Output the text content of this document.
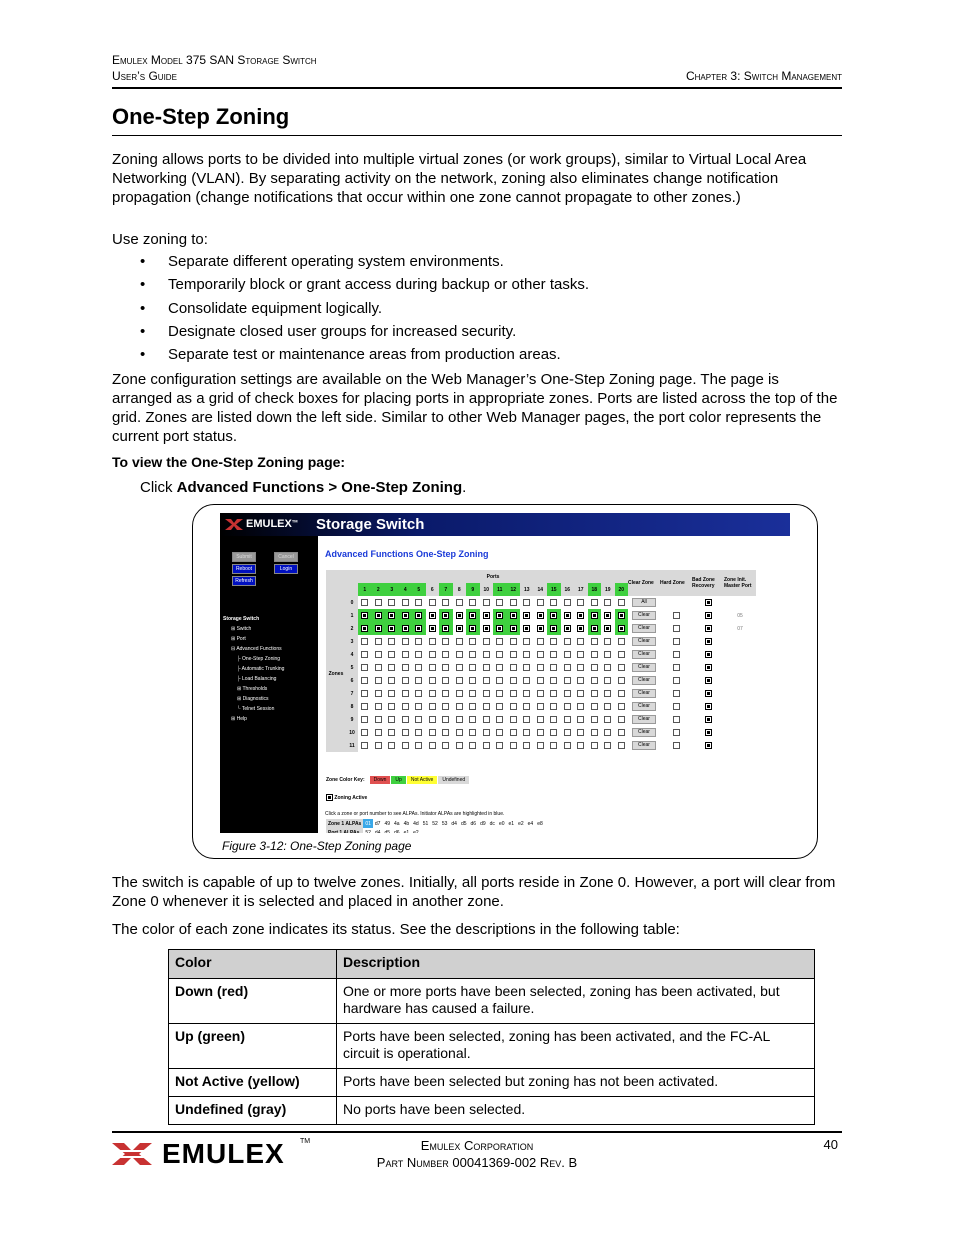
Emulex Model 375 SAN Storage Switch
User’s Guide	Chapter 3: Switch Management
One-Step Zoning

Zoning allows ports to be divided into multiple virtual zones (or work groups), similar to Virtual Local Area Networking (VLAN). By separating activity on the network, zoning also eliminates change notification propagation (change notifications that occur within one zone cannot propagate to other zones.)

Use zoning to:

• Separate different operating system environments.
• Temporarily block or grant access during backup or other tasks.
• Consolidate equipment logically.
• Designate closed user groups for increased security.
• Separate test or maintenance areas from production areas.

Zone configuration settings are available on the Web Manager’s One-Step Zoning page. The page is arranged as a grid of check boxes for placing ports in appropriate zones. Ports are listed across the top of the grid. Zones are listed down the left side. Similar to other Web Manager pages, the port color represents the current port status.

To view the One-Step Zoning page:
Click Advanced Functions > One-Step Zoning.
EMULEX™ Storage Switch
Submit	Cancel
Reboot	Login
Refresh
Storage Switch
⊞ Switch
⊞ Port
⊟ Advanced Functions
├ One-Step Zoning
├ Automatic Trunking
├ Load Balancing
⊞ Thresholds
⊞ Diagnostics
└ Telnet Session
⊞ Help
Advanced Functions One-Step Zoning
		Ports																				Clear Zone	Hard Zone	Bad Zone Recovery	Zone Init. Master Port
		1	2	3	4	5	6	7	8	9	10	11	12	13	14	15	16	17	18	19	20				
Zones	0																					All			
	1																					Clear			05
	2																					Clear			07
	3																					Clear			
	4																					Clear			
	5																					Clear			
	6																					Clear			
	7																					Clear			
	8																					Clear			
	9																					Clear			
	10																					Clear			
	11																					Clear			
Zone Color Key:	Down	Up	Not Active	Undefined
Zoning Active
Click a zone or port number to see ALPAs. Initiator ALPAs are highlighted in blue.
Zone 1 ALPAs	01	d7	49	4a	4b	4d	51	52	53	d4	d5	d6	d9	dc	e0	e1	e2	e4	e8
Port 1 ALPAs	52	d4	d5	d6	e1	e2													
Figure 3-12: One-Step Zoning page

The switch is capable of up to twelve zones. Initially, all ports reside in Zone 0. However, a port will clear from Zone 0 whenever it is selected and placed in another zone.

The color of each zone indicates its status. See the descriptions in the following table:

Color	Description
Down (red)	One or more ports have been selected, zoning has been activated, but hardware has caused a failure.
Up (green)	Ports have been selected, zoning has been activated, and the FC-AL circuit is operational.
Not Active (yellow)	Ports have been selected but zoning has not been activated.
Undefined (gray)	No ports have been selected.
EMULEX TM	Emulex Corporation
Part Number 00041369-002 Rev. B
40
